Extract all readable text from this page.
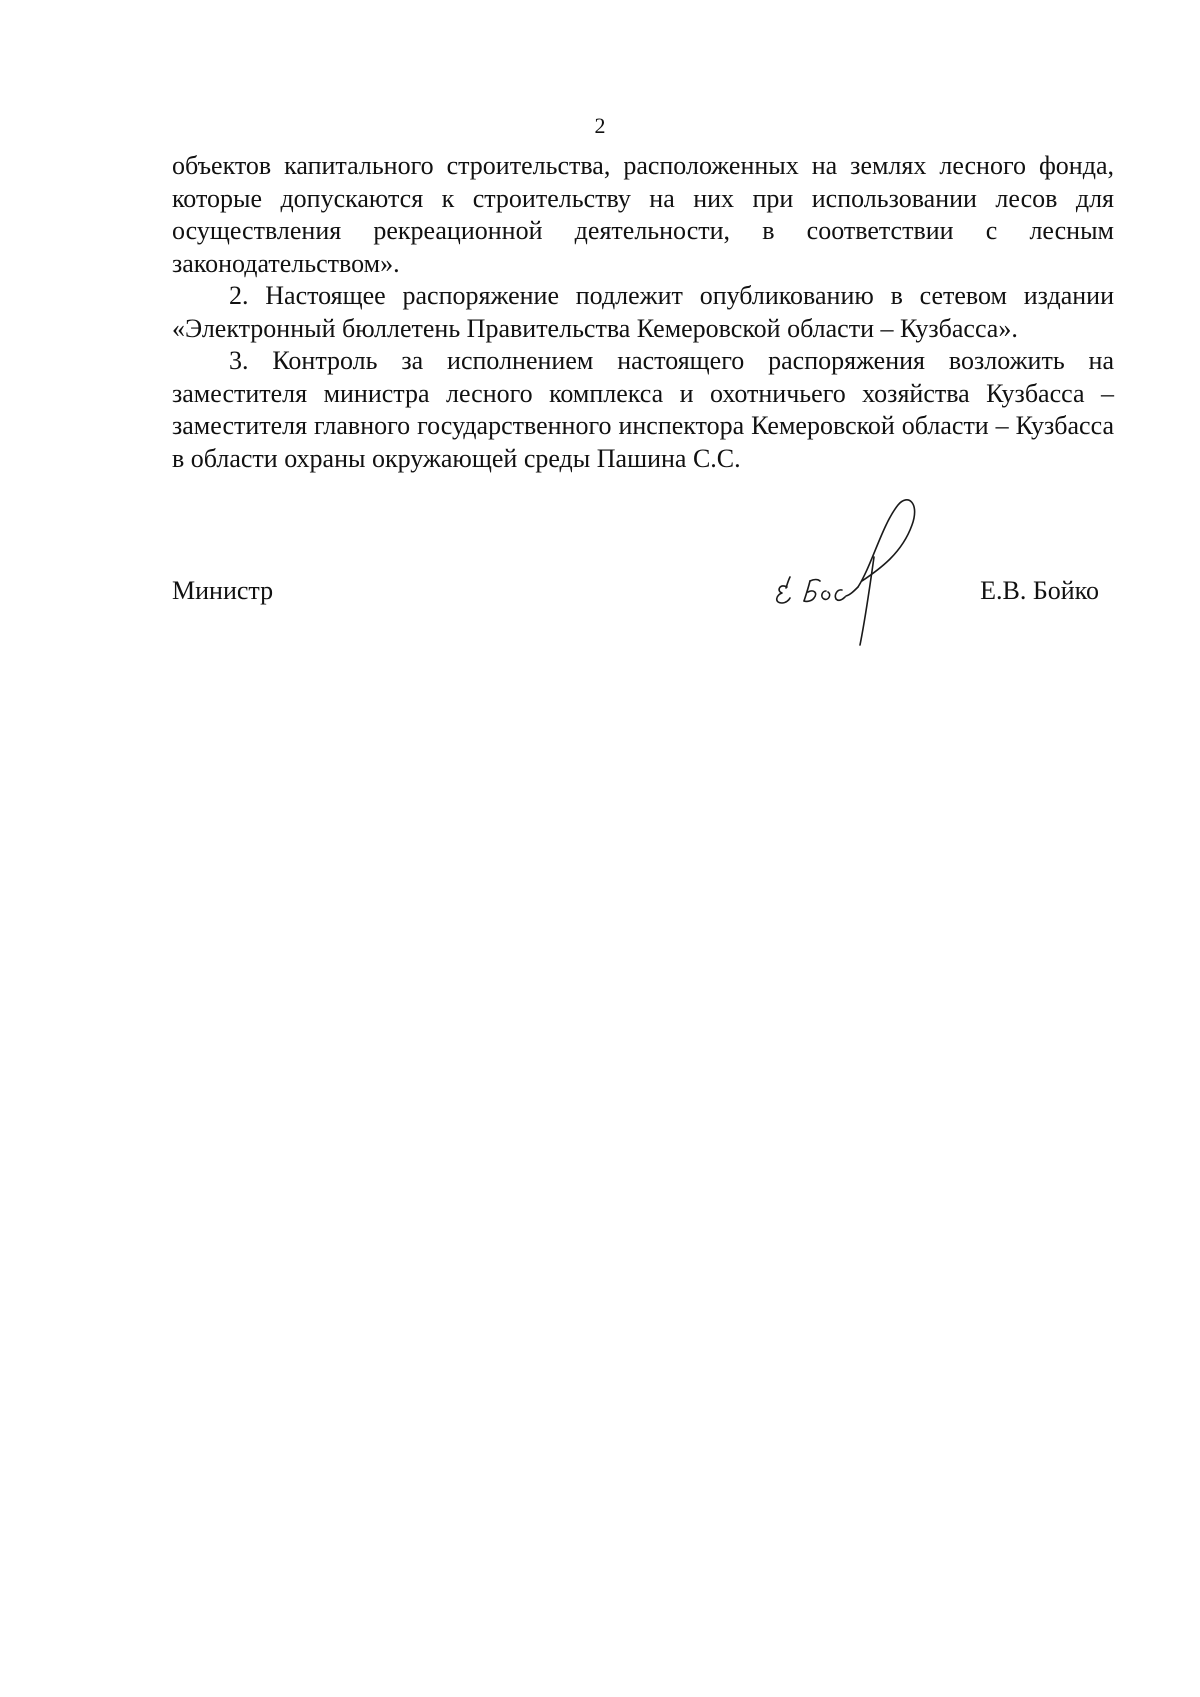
2

объектов капитального строительства, расположенных на землях лесного фонда, которые допускаются к строительству на них при использовании лесов для осуществления рекреационной деятельности, в соответствии с лесным законодательством».

2. Настоящее распоряжение подлежит опубликованию в сетевом издании «Электронный бюллетень Правительства Кемеровской области – Кузбасса».

3. Контроль за исполнением настоящего распоряжения возложить на заместителя министра лесного комплекса и охотничьего хозяйства Кузбасса – заместителя главного государственного инспектора Кемеровской области – Кузбасса в области охраны окружающей среды Пашина С.С.

Министр	Е.В. Бойко
